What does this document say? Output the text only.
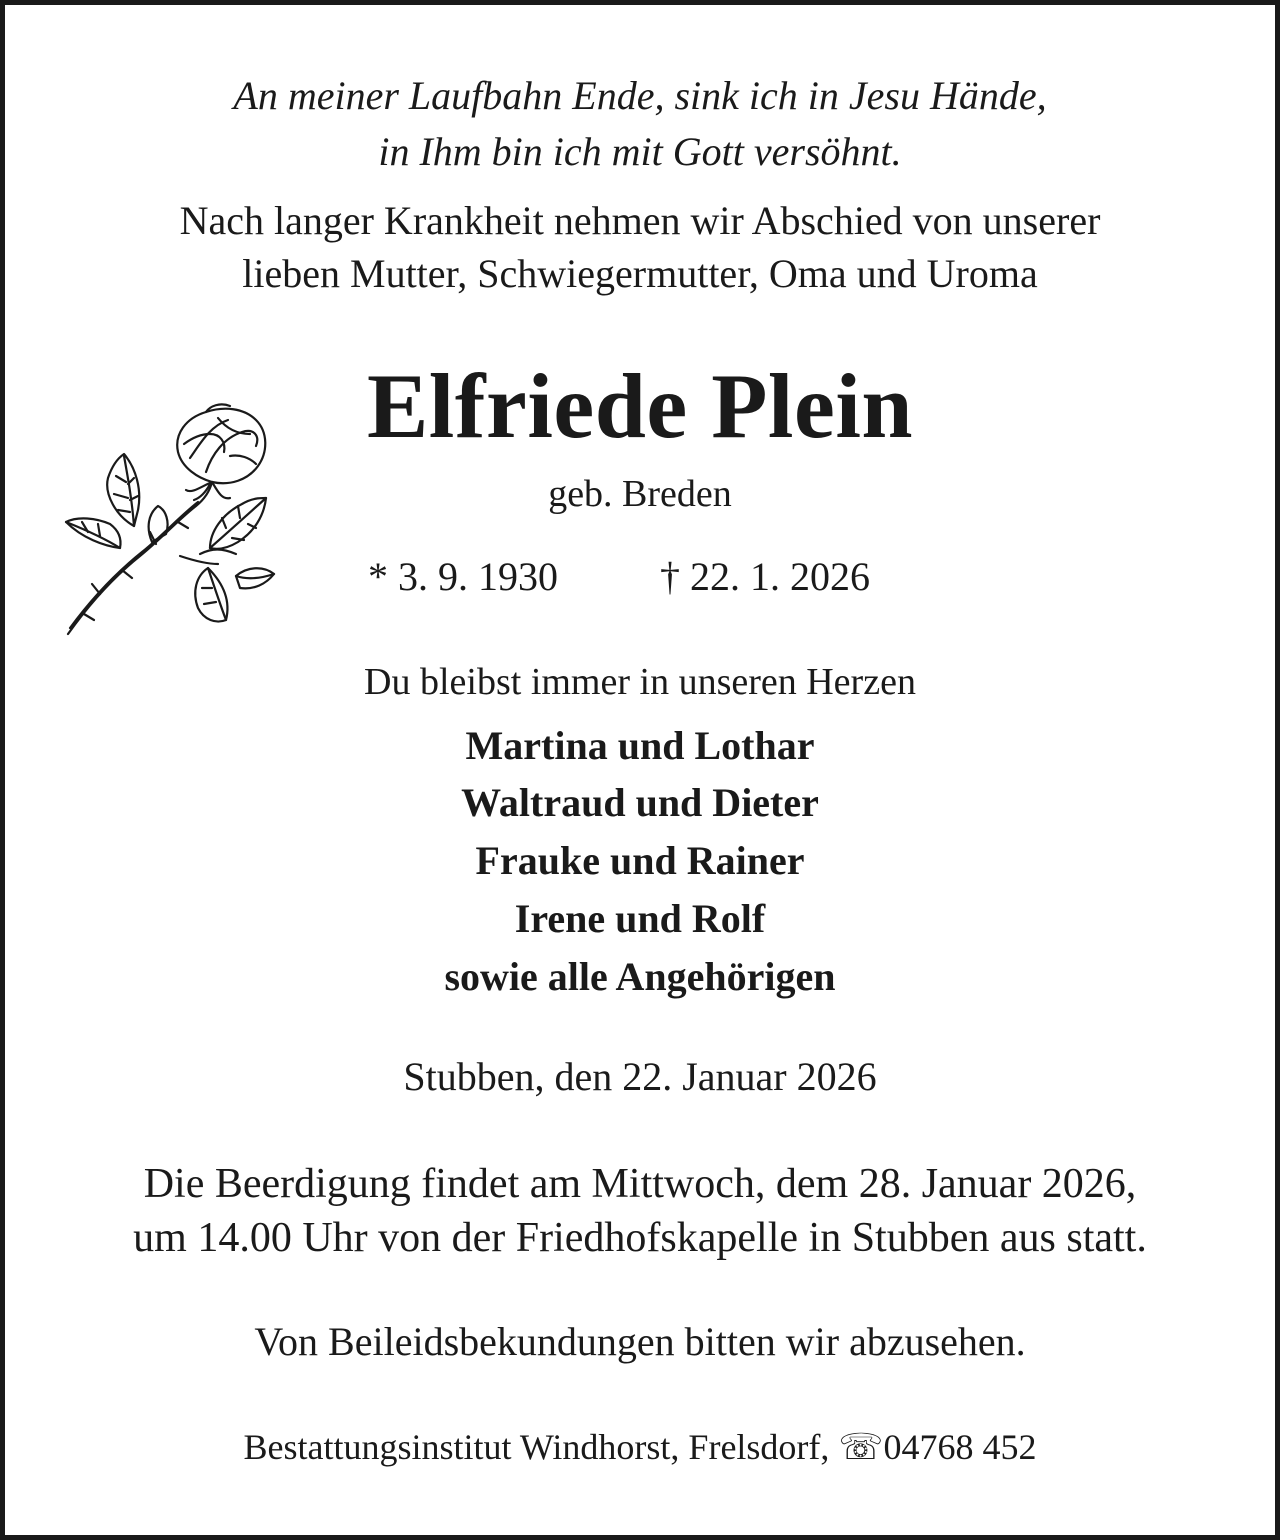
An meiner Laufbahn Ende, sink ich in Jesu Hände,
in Ihm bin ich mit Gott versöhnt.
Nach langer Krankheit nehmen wir Abschied von unserer
lieben Mutter, Schwiegermutter, Oma und Uroma
Elfriede Plein
geb. Breden
* 3. 9. 1930	† 22. 1. 2026
Du bleibst immer in unseren Herzen
Martina und Lothar
Waltraud und Dieter
Frauke und Rainer
Irene und Rolf
sowie alle Angehörigen
Stubben, den 22. Januar 2026
Die Beerdigung findet am Mittwoch, dem 28. Januar 2026,
um 14.00 Uhr von der Friedhofskapelle in Stubben aus statt.
Von Beileidsbekundungen bitten wir abzusehen.
Bestattungsinstitut Windhorst, Frelsdorf, ☏04768 452
